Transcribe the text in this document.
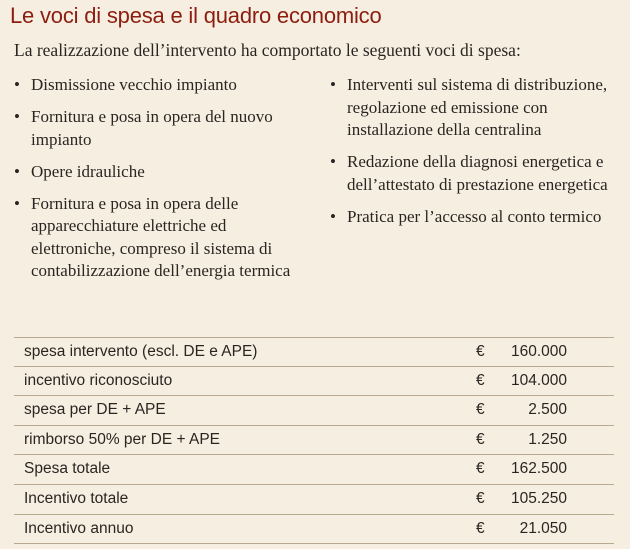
Le voci di spesa e il quadro economico
La realizzazione dell’intervento ha comportato le seguenti voci di spesa:
• Dismissione vecchio impianto
• Fornitura e posa in opera del nuovo impianto
• Opere idrauliche
• Fornitura e posa in opera delle apparecchiature elettriche ed elettroniche, compreso il sistema di contabilizzazione dell’energia termica
• Interventi sul sistema di distribuzione, regolazione ed emissione con installazione della centralina
• Redazione della diagnosi energetica e dell’attestato di prestazione energetica
• Pratica per l’accesso al conto termico
spesa intervento (escl. DE e APE)	€ 160.000
incentivo riconosciuto	€ 104.000
spesa per DE + APE	€	2.500
rimborso 50% per DE + APE	€	1.250
Spesa totale	€ 162.500
Incentivo totale	€ 105.250
Incentivo annuo	€ 21.050
